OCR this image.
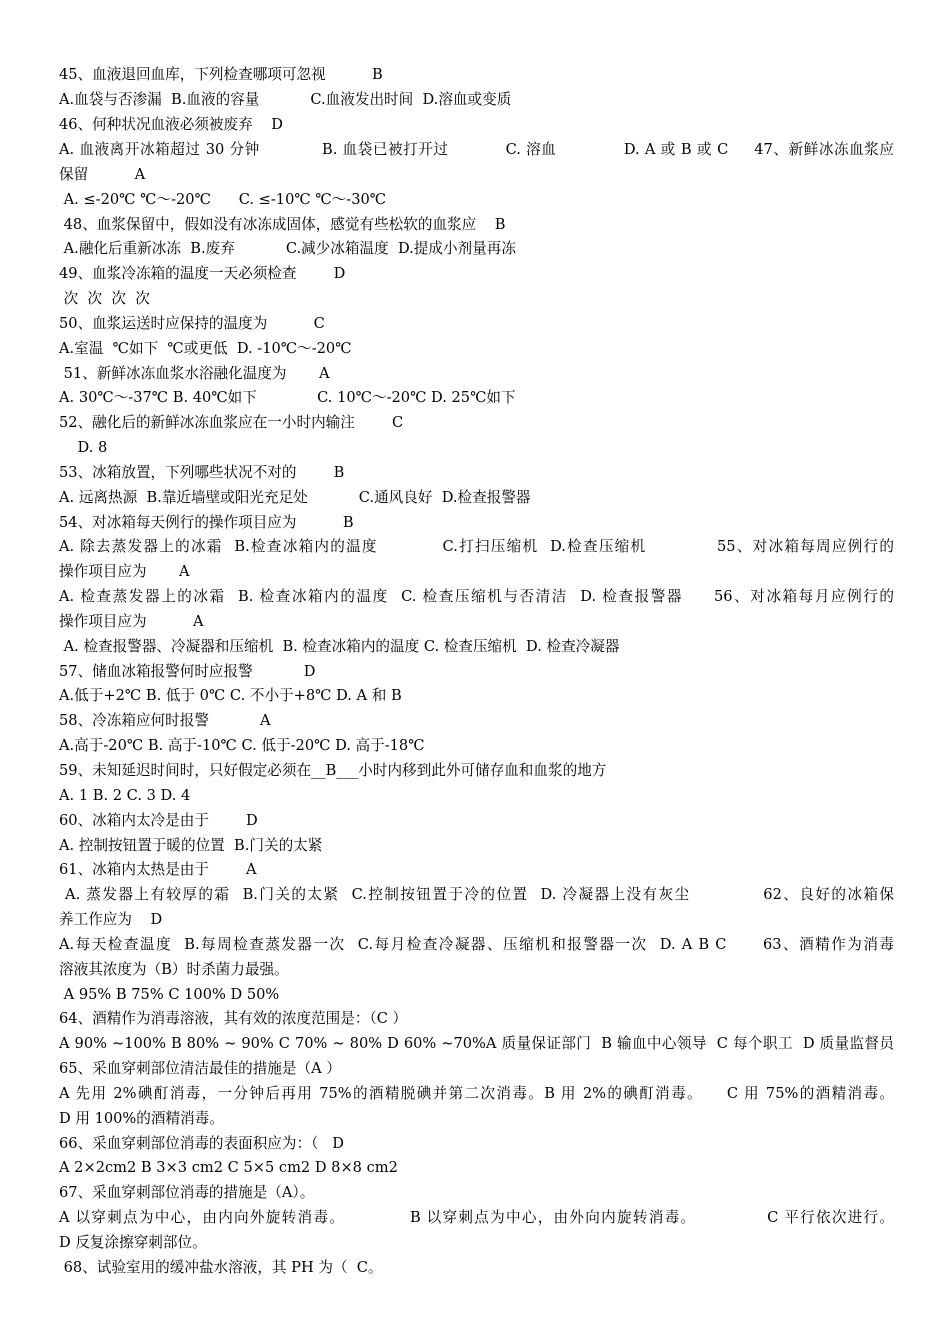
45、血液退回血库，下列检查哪项可忽视          B
A.血袋与否渗漏  B.血液的容量           C.血液发出时间  D.溶血或变质
46、何种状况血液必须被废弃    D
A. 血液离开冰箱超过 30 分钟            B. 血袋已被打开过           C. 溶血             D. A 或 B 或 C     47、新鲜冰冻血浆应
保留          A
A. ≤-20℃ ℃～-20℃      C. ≤-10℃ ℃～-30℃
48、血浆保留中，假如没有冰冻成固体，感觉有些松软的血浆应    B
A.融化后重新冰冻  B.废弃           C.减少冰箱温度  D.提成小剂量再冻
49、血浆冷冻箱的温度一天必须检查        D
次  次  次  次
50、血浆运送时应保持的温度为          C
A.室温  ℃如下  ℃或更低  D. -10℃～-20℃
51、新鲜冰冻血浆水浴融化温度为       A
A. 30℃～-37℃ B. 40℃如下             C. 10℃～-20℃ D. 25℃如下
52、融化后的新鲜冰冻血浆应在一小时内输注        C
D. 8
53、冰箱放置，下列哪些状况不对的        B
A. 远离热源  B.靠近墙壁或阳光充足处           C.通风良好  D.检查报警器
54、对冰箱每天例行的操作项目应为          B
A. 除去蒸发器上的冰霜  B.检查冰箱内的温度           C.打扫压缩机  D.检查压缩机            55、对冰箱每周应例行的
操作项目应为       A
A. 检查蒸发器上的冰霜  B. 检查冰箱内的温度  C. 检查压缩机与否清洁  D. 检查报警器     56、对冰箱每月应例行的
操作项目应为          A
A. 检查报警器、冷凝器和压缩机  B. 检查冰箱内的温度 C. 检查压缩机  D. 检查冷凝器
57、储血冰箱报警何时应报警           D
A.低于+2℃ B. 低于 0℃ C. 不小于+8℃ D. A 和 B
58、冷冻箱应何时报警           A
A.高于-20℃ B. 高于-10℃ C. 低于-20℃ D. 高于-18℃
59、未知延迟时间时，只好假定必须在__B___小时内移到此外可储存血和血浆的地方
A. 1 B. 2 C. 3 D. 4
60、冰箱内太冷是由于        D
A. 控制按钮置于暖的位置  B.门关的太紧
61、冰箱内太热是由于        A
A. 蒸发器上有较厚的霜  B.门关的太紧  C.控制按钮置于冷的位置  D. 冷凝器上没有灰尘            62、良好的冰箱保
养工作应为    D
A.每天检查温度  B.每周检查蒸发器一次  C.每月检查冷凝器、压缩机和报警器一次  D. A B C      63、酒精作为消毒
溶液其浓度为（B）时杀菌力最强。
A 95% B 75% C 100% D 50%
64、酒精作为消毒溶液，其有效的浓度范围是：（C ）
A 90% ~100% B 80% ~ 90% C 70% ~ 80% D 60% ~70%A 质量保证部门  B 输血中心领导  C 每个职工  D 质量监督员
65、采血穿刺部位清洁最佳的措施是（A ）
A 先用 2%碘酊消毒，一分钟后再用 75%的酒精脱碘并第二次消毒。B 用 2%的碘酊消毒。    C 用 75%的酒精消毒。
D 用 100%的酒精消毒。
66、采血穿刺部位消毒的表面积应为：（   D
A 2×2cm2 B 3×3 cm2 C 5×5 cm2 D 8×8 cm2
67、采血穿刺部位消毒的措施是（A）。
A 以穿刺点为中心，由内向外旋转消毒。           B 以穿刺点为中心，由外向内旋转消毒。            C 平行依次进行。
D 反复涂擦穿刺部位。
68、试验室用的缓冲盐水溶液，其 PH 为（  C。
